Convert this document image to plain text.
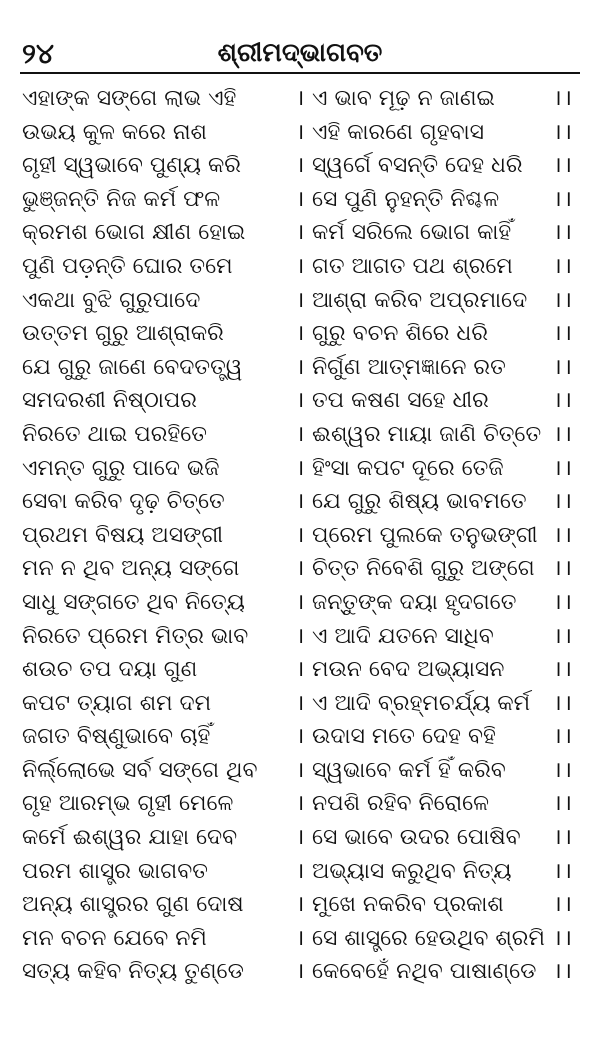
୨୪	ଶ୍ରୀମଦ୍ଭାଗବତ
ଏହାଙ୍କ ସଙ୍ଗେ ଲାଭ ଏହି	। ଏ ଭାବ ମୂଢ଼ ନ ଜାଣଇ	।।
ଉଭୟ କୁଳ କରେ ନାଶ	। ଏହି କାରଣେ ଗୃହବାସ	।।
ଗୃହୀ ସ୍ୱଭାବେ ପୁଣ୍ୟ କରି	। ସ୍ୱର୍ଗେ ବସନ୍ତି ଦେହ ଧରି ।।
ଭୁଞ୍ଜନ୍ତି ନିଜ କର୍ମ ଫଳ	। ସେ ପୁଣି ନୁହନ୍ତି ନିଶ୍ଚଳ ।।
କ୍ରମଶ ଭୋଗ କ୍ଷୀଣ ହୋଇ । କର୍ମ ସରିଲେ ଭୋଗ କାହିଁ ।।
ପୁଣି ପଡ଼ନ୍ତି ଘୋର ତମେ	। ଗତ ଆଗତ ପଥ ଶ୍ରମେ ।।
ଏକଥା ବୁଝି ଗୁରୁପାଦେ	। ଆଶ୍ରା କରିବ ଅପ୍ରମାଦେ ।।
ଉତ୍ତମ ଗୁରୁ ଆଶ୍ରାକରି	। ଗୁରୁ ବଚନ ଶିରେ ଧରି	।।
ଯେ ଗୁରୁ ଜାଣେ ବେଦତତ୍ତ୍ୱ । ନିର୍ଗୁଣ ଆତ୍ମଜ୍ଞାନେ ରତ ।।
ସମଦରଶୀ ନିଷ୍ଠାପର	। ତପ କଷଣ ସହେ ଧୀର	।।
ନିରତେ ଥାଇ ପରହିତେ	। ଈଶ୍ୱର ମାୟା ଜାଣି ଚିତ୍ତେ ।।
ଏମନ୍ତ ଗୁରୁ ପାଦେ ଭଜି	। ହିଂସା କପଟ ଦୂରେ ତେଜି ।।
ସେବା କରିବ ଦୃଢ଼ ଚିତ୍ତେ	। ଯେ ଗୁରୁ ଶିଷ୍ୟ ଭାବମତେ ।।
ପ୍ରଥମ ବିଷୟ ଅସଙ୍ଗୀ	। ପ୍ରେମ ପୁଲକେ ତନୁଭଙ୍ଗୀ ।।
ମନ ନ ଥିବ ଅନ୍ୟ ସଙ୍ଗେ	। ଚିତ୍ତ ନିବେଶି ଗୁରୁ ଅଙ୍ଗେ ।।
ସାଧୁ ସଙ୍ଗତେ ଥିବ ନିତ୍ୟେ । ଜନ୍ତୁଙ୍କ ଦୟା ହୃଦଗତେ ।।
ନିରତେ ପ୍ରେମ ମିତ୍ର ଭାବ । ଏ ଆଦି ଯତନେ ସାଧିବ	।।
ଶଉଚ ତପ ଦୟା ଗୁଣ	। ମଉନ ବେଦ ଅଭ୍ୟାସନ ।।
କପଟ ତ୍ୟାଗ ଶମ ଦମ	। ଏ ଆଦି ବ୍ରହ୍ମଚର୍ଯ୍ୟ କର୍ମ ।।
ଜଗତ ବିଷ୍ଣୁଭାବେ ଚାହିଁ	। ଉଦାସ ମତେ ଦେହ ବହି	।।
ନିର୍ଲ୍ଲୋଭେ ସର୍ବ ସଙ୍ଗେ ଥିବ । ସ୍ୱଭାବେ କର୍ମ ହିଁ କରିବ ।।
ଗୃହ ଆରମ୍ଭ ଗୃହୀ ମେଳେ	। ନପଶି ରହିବ ନିରୋଳେ	।।
କର୍ମେ ଈଶ୍ୱର ଯାହା ଦେବ	। ସେ ଭାବେ ଉଦର ପୋଷିବ ।।
ପରମ ଶାସ୍ତ୍ର ଭାଗବତ	। ଅଭ୍ୟାସ କରୁଥିବ ନିତ୍ୟ ।।
ଅନ୍ୟ ଶାସ୍ତ୍ରର ଗୁଣ ଦୋଷ । ମୁଖେ ନକରିବ ପ୍ରକାଶ ।।
ମନ ବଚନ ଯେବେ ନମି	। ସେ ଶାସ୍ତ୍ରେ ହେଉଥିବ ଶ୍ରମି ।।
ସତ୍ୟ କହିବ ନିତ୍ୟ ତୁଣ୍ଡେ । କେବେହେଁ ନଥିବ ପାଷାଣ୍ଡେ ।।
